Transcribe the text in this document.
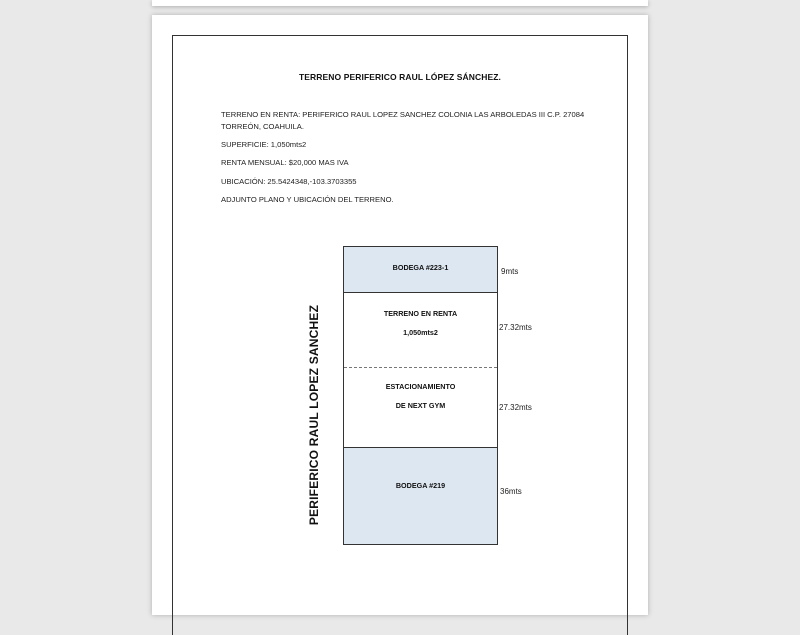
TERRENO PERIFERICO RAUL LÓPEZ SÁNCHEZ.
TERRENO EN RENTA: PERIFERICO RAUL LOPEZ SANCHEZ COLONIA LAS ARBOLEDAS III C.P. 27084
TORREÓN, COAHUILA.
SUPERFICIE: 1,050mts2
RENTA MENSUAL: $20,000 MAS IVA
UBICACIÓN: 25.5424348,-103.3703355
ADJUNTO PLANO Y UBICACIÓN DEL TERRENO.
PERIFERICO RAUL LOPEZ SANCHEZ
BODEGA #223-1
TERRENO EN RENTA
1,050mts2
ESTACIONAMIENTO
DE NEXT GYM
BODEGA #219
9mts
27.32mts
27.32mts
36mts
